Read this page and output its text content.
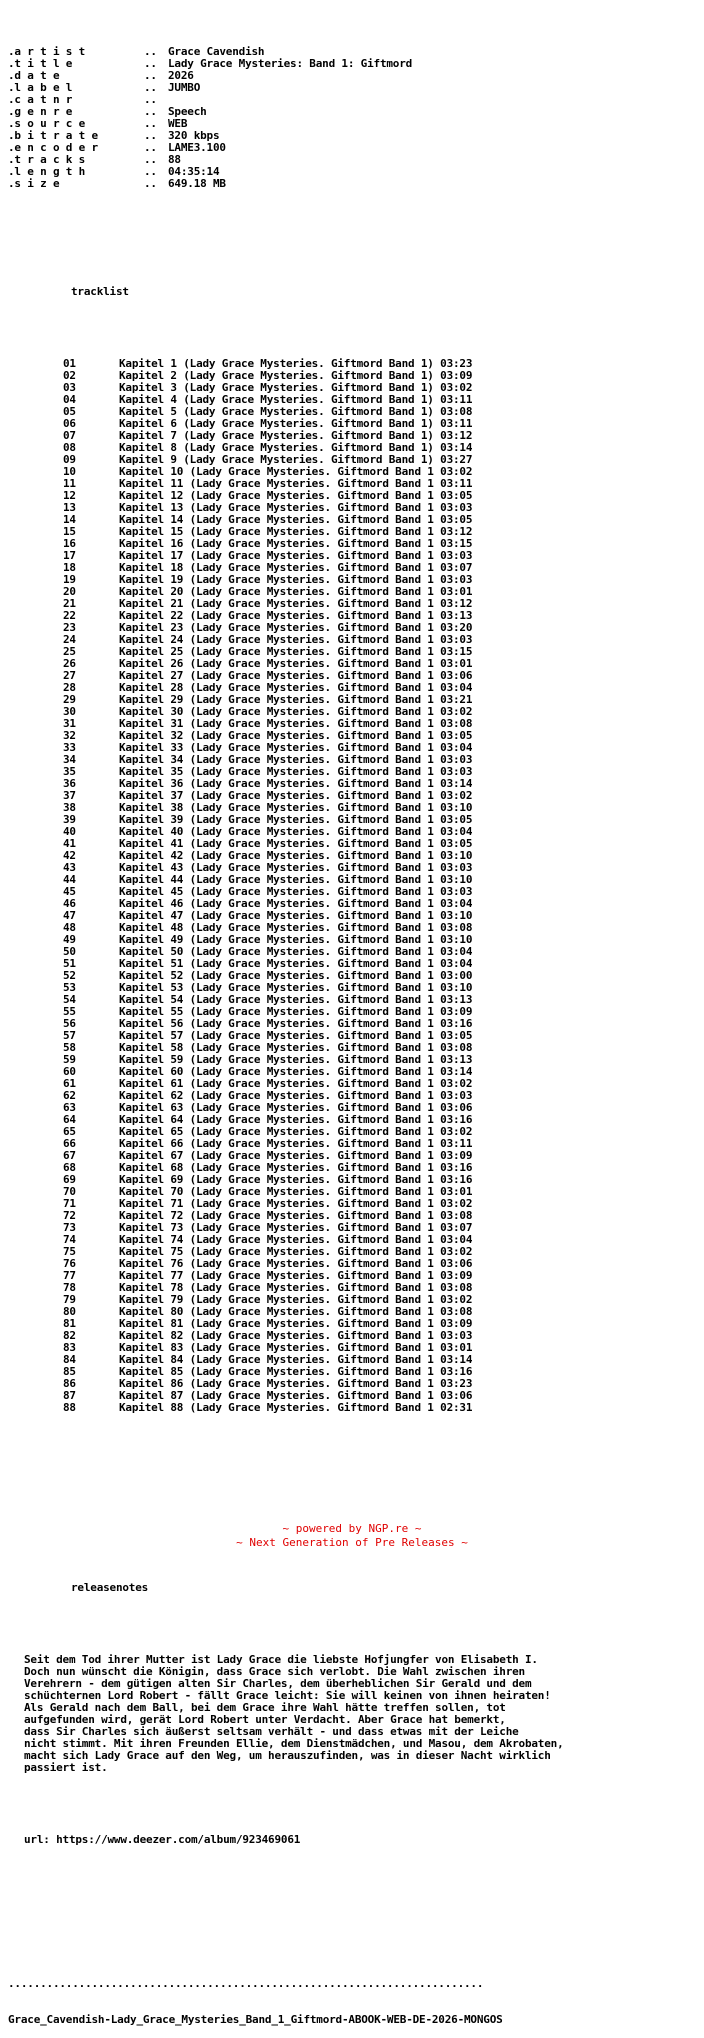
.a r t i s t	.. Grace Cavendish
.t i t l e	.. Lady Grace Mysteries: Band 1: Giftmord
.d a t e	.. 2026
.l a b e l	.. JUMBO
.c a t n r	..
.g e n r e	.. Speech
.s o u r c e	.. WEB
.b i t r a t e	.. 320 kbps
.e n c o d e r	.. LAME3.100
.t r a c k s	.. 88
.l e n g t h	.. 04:35:14
.s i z e	.. 649.18 MB

tracklist

01	Kapitel 1 (Lady Grace Mysteries. Giftmord Band 1) 03:23
02	Kapitel 2 (Lady Grace Mysteries. Giftmord Band 1) 03:09
03	Kapitel 3 (Lady Grace Mysteries. Giftmord Band 1) 03:02
04	Kapitel 4 (Lady Grace Mysteries. Giftmord Band 1) 03:11
05	Kapitel 5 (Lady Grace Mysteries. Giftmord Band 1) 03:08
06	Kapitel 6 (Lady Grace Mysteries. Giftmord Band 1) 03:11
07	Kapitel 7 (Lady Grace Mysteries. Giftmord Band 1) 03:12
08	Kapitel 8 (Lady Grace Mysteries. Giftmord Band 1) 03:14
09	Kapitel 9 (Lady Grace Mysteries. Giftmord Band 1) 03:27
10	Kapitel 10 (Lady Grace Mysteries. Giftmord Band 1 03:02
11	Kapitel 11 (Lady Grace Mysteries. Giftmord Band 1 03:11
12	Kapitel 12 (Lady Grace Mysteries. Giftmord Band 1 03:05
13	Kapitel 13 (Lady Grace Mysteries. Giftmord Band 1 03:03
14	Kapitel 14 (Lady Grace Mysteries. Giftmord Band 1 03:05
15	Kapitel 15 (Lady Grace Mysteries. Giftmord Band 1 03:12
16	Kapitel 16 (Lady Grace Mysteries. Giftmord Band 1 03:15
17	Kapitel 17 (Lady Grace Mysteries. Giftmord Band 1 03:03
18	Kapitel 18 (Lady Grace Mysteries. Giftmord Band 1 03:07
19	Kapitel 19 (Lady Grace Mysteries. Giftmord Band 1 03:03
20	Kapitel 20 (Lady Grace Mysteries. Giftmord Band 1 03:01
21	Kapitel 21 (Lady Grace Mysteries. Giftmord Band 1 03:12
22	Kapitel 22 (Lady Grace Mysteries. Giftmord Band 1 03:13
23	Kapitel 23 (Lady Grace Mysteries. Giftmord Band 1 03:20
24	Kapitel 24 (Lady Grace Mysteries. Giftmord Band 1 03:03
25	Kapitel 25 (Lady Grace Mysteries. Giftmord Band 1 03:15
26	Kapitel 26 (Lady Grace Mysteries. Giftmord Band 1 03:01
27	Kapitel 27 (Lady Grace Mysteries. Giftmord Band 1 03:06
28	Kapitel 28 (Lady Grace Mysteries. Giftmord Band 1 03:04
29	Kapitel 29 (Lady Grace Mysteries. Giftmord Band 1 03:21
30	Kapitel 30 (Lady Grace Mysteries. Giftmord Band 1 03:02
31	Kapitel 31 (Lady Grace Mysteries. Giftmord Band 1 03:08
32	Kapitel 32 (Lady Grace Mysteries. Giftmord Band 1 03:05
33	Kapitel 33 (Lady Grace Mysteries. Giftmord Band 1 03:04
34	Kapitel 34 (Lady Grace Mysteries. Giftmord Band 1 03:03
35	Kapitel 35 (Lady Grace Mysteries. Giftmord Band 1 03:03
36	Kapitel 36 (Lady Grace Mysteries. Giftmord Band 1 03:14
37	Kapitel 37 (Lady Grace Mysteries. Giftmord Band 1 03:02
38	Kapitel 38 (Lady Grace Mysteries. Giftmord Band 1 03:10
39	Kapitel 39 (Lady Grace Mysteries. Giftmord Band 1 03:05
40	Kapitel 40 (Lady Grace Mysteries. Giftmord Band 1 03:04
41	Kapitel 41 (Lady Grace Mysteries. Giftmord Band 1 03:05
42	Kapitel 42 (Lady Grace Mysteries. Giftmord Band 1 03:10
43	Kapitel 43 (Lady Grace Mysteries. Giftmord Band 1 03:03
44	Kapitel 44 (Lady Grace Mysteries. Giftmord Band 1 03:10
45	Kapitel 45 (Lady Grace Mysteries. Giftmord Band 1 03:03
46	Kapitel 46 (Lady Grace Mysteries. Giftmord Band 1 03:04
47	Kapitel 47 (Lady Grace Mysteries. Giftmord Band 1 03:10
48	Kapitel 48 (Lady Grace Mysteries. Giftmord Band 1 03:08
49	Kapitel 49 (Lady Grace Mysteries. Giftmord Band 1 03:10
50	Kapitel 50 (Lady Grace Mysteries. Giftmord Band 1 03:04
51	Kapitel 51 (Lady Grace Mysteries. Giftmord Band 1 03:04
52	Kapitel 52 (Lady Grace Mysteries. Giftmord Band 1 03:00
53	Kapitel 53 (Lady Grace Mysteries. Giftmord Band 1 03:10
54	Kapitel 54 (Lady Grace Mysteries. Giftmord Band 1 03:13
55	Kapitel 55 (Lady Grace Mysteries. Giftmord Band 1 03:09
56	Kapitel 56 (Lady Grace Mysteries. Giftmord Band 1 03:16
57	Kapitel 57 (Lady Grace Mysteries. Giftmord Band 1 03:05
58	Kapitel 58 (Lady Grace Mysteries. Giftmord Band 1 03:08
59	Kapitel 59 (Lady Grace Mysteries. Giftmord Band 1 03:13
60	Kapitel 60 (Lady Grace Mysteries. Giftmord Band 1 03:14
61	Kapitel 61 (Lady Grace Mysteries. Giftmord Band 1 03:02
62	Kapitel 62 (Lady Grace Mysteries. Giftmord Band 1 03:03
63	Kapitel 63 (Lady Grace Mysteries. Giftmord Band 1 03:06
64	Kapitel 64 (Lady Grace Mysteries. Giftmord Band 1 03:16
65	Kapitel 65 (Lady Grace Mysteries. Giftmord Band 1 03:02
66	Kapitel 66 (Lady Grace Mysteries. Giftmord Band 1 03:11
67	Kapitel 67 (Lady Grace Mysteries. Giftmord Band 1 03:09
68	Kapitel 68 (Lady Grace Mysteries. Giftmord Band 1 03:16
69	Kapitel 69 (Lady Grace Mysteries. Giftmord Band 1 03:16
70	Kapitel 70 (Lady Grace Mysteries. Giftmord Band 1 03:01
71	Kapitel 71 (Lady Grace Mysteries. Giftmord Band 1 03:02
72	Kapitel 72 (Lady Grace Mysteries. Giftmord Band 1 03:08
73	Kapitel 73 (Lady Grace Mysteries. Giftmord Band 1 03:07
74	Kapitel 74 (Lady Grace Mysteries. Giftmord Band 1 03:04
75	Kapitel 75 (Lady Grace Mysteries. Giftmord Band 1 03:02
76	Kapitel 76 (Lady Grace Mysteries. Giftmord Band 1 03:06
77	Kapitel 77 (Lady Grace Mysteries. Giftmord Band 1 03:09
78	Kapitel 78 (Lady Grace Mysteries. Giftmord Band 1 03:08
79	Kapitel 79 (Lady Grace Mysteries. Giftmord Band 1 03:02
80	Kapitel 80 (Lady Grace Mysteries. Giftmord Band 1 03:08
81	Kapitel 81 (Lady Grace Mysteries. Giftmord Band 1 03:09
82	Kapitel 82 (Lady Grace Mysteries. Giftmord Band 1 03:03
83	Kapitel 83 (Lady Grace Mysteries. Giftmord Band 1 03:01
84	Kapitel 84 (Lady Grace Mysteries. Giftmord Band 1 03:14
85	Kapitel 85 (Lady Grace Mysteries. Giftmord Band 1 03:16
86	Kapitel 86 (Lady Grace Mysteries. Giftmord Band 1 03:23
87	Kapitel 87 (Lady Grace Mysteries. Giftmord Band 1 03:06
88	Kapitel 88 (Lady Grace Mysteries. Giftmord Band 1 02:31

releasenotes

Seit dem Tod ihrer Mutter ist Lady Grace die liebste Hofjungfer von Elisabeth I.
Doch nun wünscht die Königin, dass Grace sich verlobt. Die Wahl zwischen ihren
Verehrern - dem gütigen alten Sir Charles, dem überheblichen Sir Gerald und dem
schüchternen Lord Robert - fällt Grace leicht: Sie will keinen von ihnen heiraten!
Als Gerald nach dem Ball, bei dem Grace ihre Wahl hätte treffen sollen, tot
aufgefunden wird, gerät Lord Robert unter Verdacht. Aber Grace hat bemerkt,
dass Sir Charles sich äußerst seltsam verhält - und dass etwas mit der Leiche
nicht stimmt. Mit ihren Freunden Ellie, dem Dienstmädchen, und Masou, dem Akrobaten,
macht sich Lady Grace auf den Weg, um herauszufinden, was in dieser Nacht wirklich
passiert ist.

url: https://www.deezer.com/album/923469061

..........................................................................

Grace_Cavendish-Lady_Grace_Mysteries_Band_1_Giftmord-ABOOK-WEB-DE-2026-MONGOS

~ powered by NGP.re ~
~ Next Generation of Pre Releases ~
